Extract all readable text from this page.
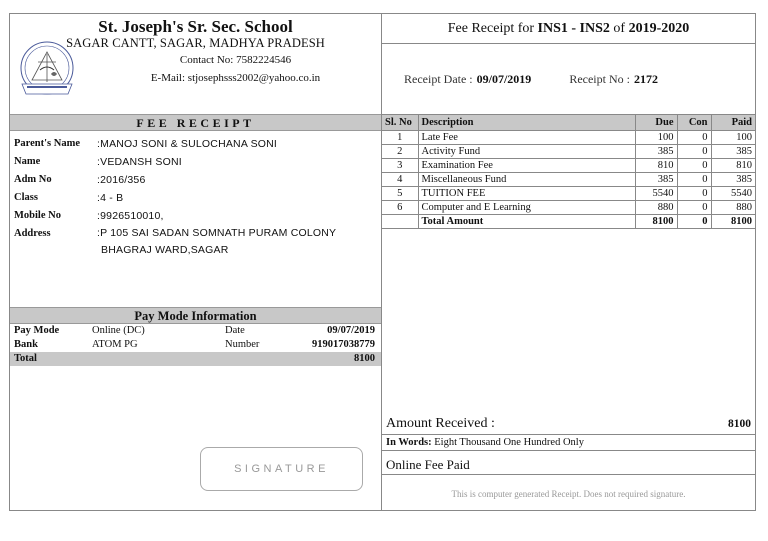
St. Joseph's Sr. Sec. School
SAGAR CANTT, SAGAR, MADHYA PRADESH
Contact No: 7582224546
E-Mail: stjosephsss2002@yahoo.co.in
FEE RECEIPT
Parent's Name	:MANOJ SONI & SULOCHANA SONI
Name	:VEDANSH SONI
Adm No	:2016/356
Class	:4 - B
Mobile No	:9926510010,
Address	:P 105 SAI SADAN SOMNATH PURAM COLONY
BHAGRAJ WARD,SAGAR
Pay Mode Information
Pay Mode	Online (DC)	Date	09/07/2019
Bank	ATOM PG	Number	919017038779
Total	8100
SIGNATURE
Fee Receipt for INS1 - INS2 of 2019-2020
Receipt Date : 09/07/2019	Receipt No : 2172
Sl. No	Description	Due	Con	Paid
1	Late Fee	100	0	100
2	Activity Fund	385	0	385
3	Examination Fee	810	0	810
4	Miscellaneous Fund	385	0	385
5	TUITION FEE	5540	0	5540
6	Computer and E Learning	880	0	880
	Total Amount	8100	0	8100
Amount Received :	8100
In Words: Eight Thousand One Hundred Only
Online Fee Paid
This is computer generated Receipt. Does not required signature.
